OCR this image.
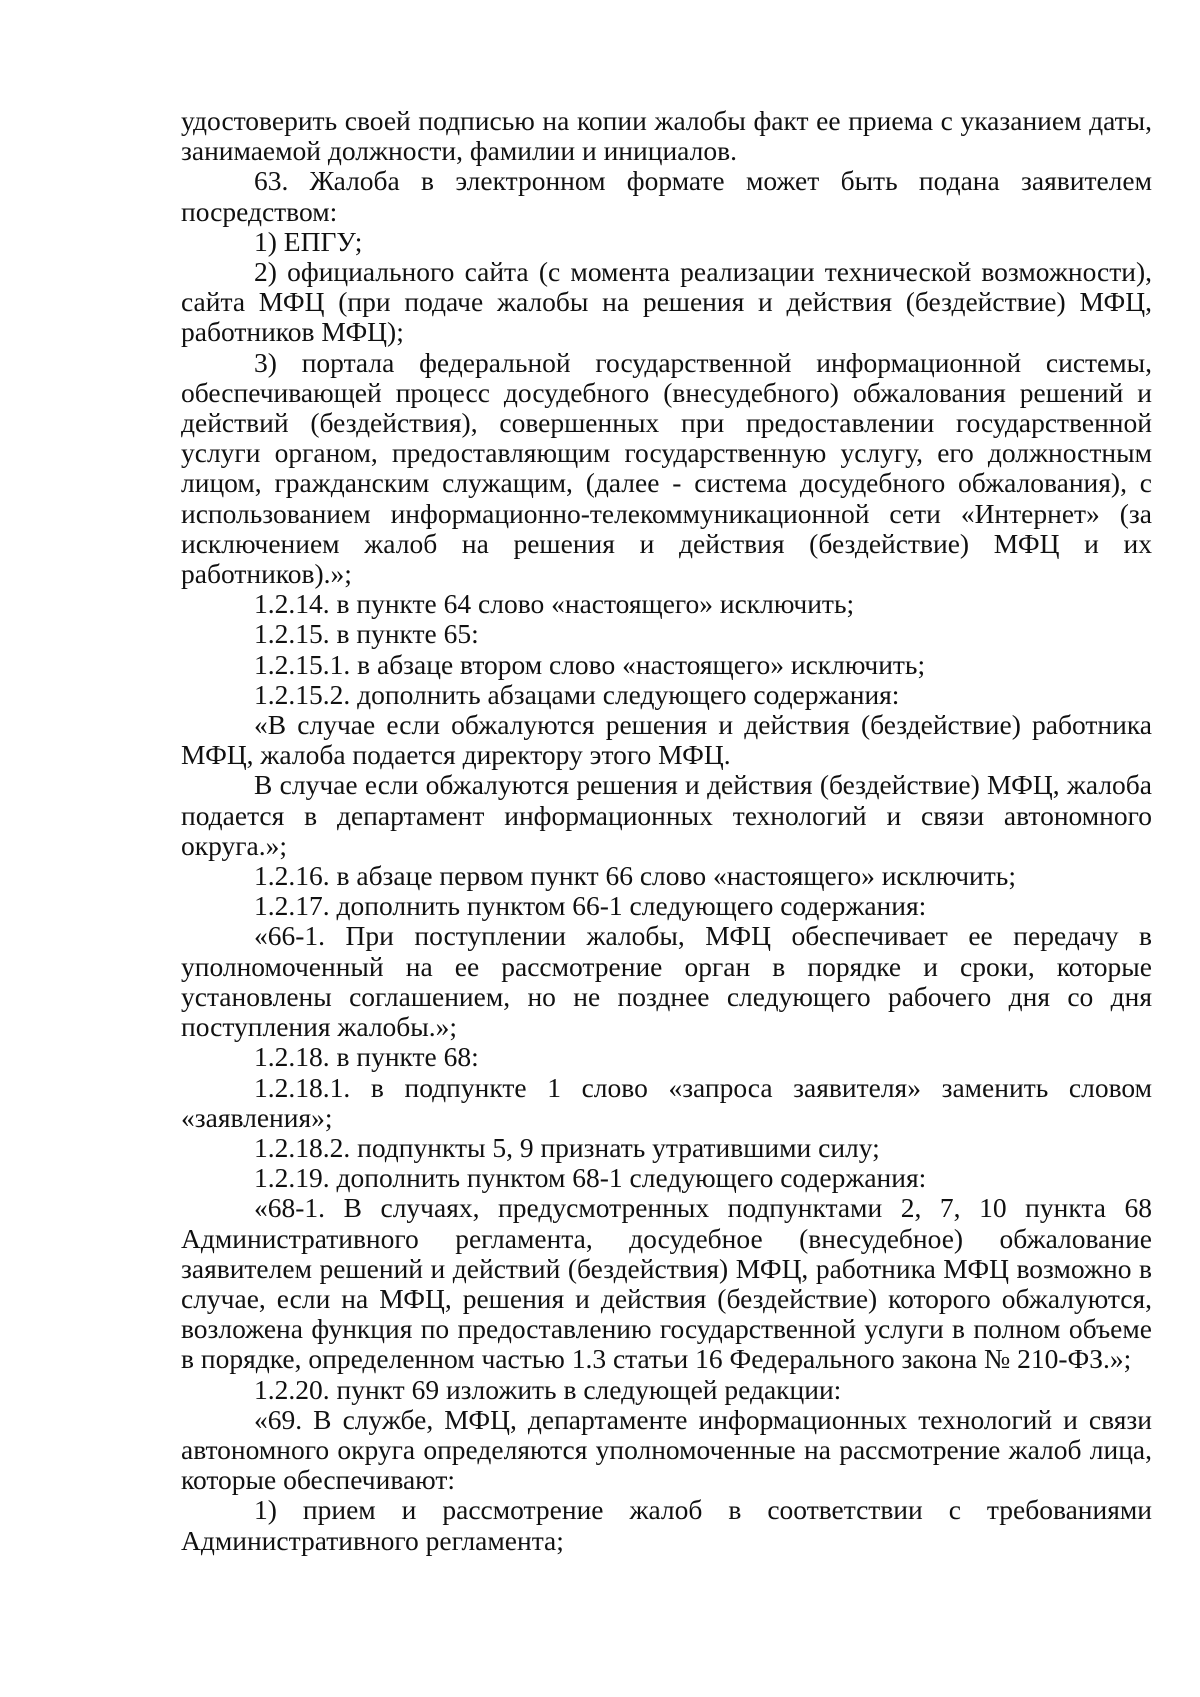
удостоверить своей подписью на копии жалобы факт ее приема с указанием даты, занимаемой должности, фамилии и инициалов.

63. Жалоба в электронном формате может быть подана заявителем посредством:

1) ЕПГУ;

2) официального сайта (с момента реализации технической возможности), сайта МФЦ (при подаче жалобы на решения и действия (бездействие) МФЦ, работников МФЦ);

3) портала федеральной государственной информационной системы, обеспечивающей процесс досудебного (внесудебного) обжалования решений и действий (бездействия), совершенных при предоставлении государственной услуги органом, предоставляющим государственную услугу, его должностным лицом, гражданским служащим, (далее - система досудебного обжалования), с использованием информационно-телекоммуникационной сети «Интернет» (за исключением жалоб на решения и действия (бездействие) МФЦ и их работников).»;

1.2.14. в пункте 64 слово «настоящего» исключить;

1.2.15. в пункте 65:

1.2.15.1. в абзаце втором слово «настоящего» исключить;

1.2.15.2. дополнить абзацами следующего содержания:

«В случае если обжалуются решения и действия (бездействие) работника МФЦ, жалоба подается директору этого МФЦ.

В случае если обжалуются решения и действия (бездействие) МФЦ, жалоба подается в департамент информационных технологий и связи автономного округа.»;

1.2.16. в абзаце первом пункт 66 слово «настоящего» исключить;

1.2.17. дополнить пунктом 66-1 следующего содержания:

«66-1. При поступлении жалобы, МФЦ обеспечивает ее передачу в уполномоченный на ее рассмотрение орган в порядке и сроки, которые установлены соглашением, но не позднее следующего рабочего дня со дня поступления жалобы.»;

1.2.18. в пункте 68:

1.2.18.1. в подпункте 1 слово «запроса заявителя» заменить словом «заявления»;

1.2.18.2. подпункты 5, 9 признать утратившими силу;

1.2.19. дополнить пунктом 68-1 следующего содержания:

«68-1. В случаях, предусмотренных подпунктами 2, 7, 10 пункта 68 Административного регламента, досудебное (внесудебное) обжалование заявителем решений и действий (бездействия) МФЦ, работника МФЦ возможно в случае, если на МФЦ, решения и действия (бездействие) которого обжалуются, возложена функция по предоставлению государственной услуги в полном объеме в порядке, определенном частью 1.3 статьи 16 Федерального закона № 210-ФЗ.»;

1.2.20. пункт 69 изложить в следующей редакции:

«69. В службе, МФЦ, департаменте информационных технологий и связи автономного округа определяются уполномоченные на рассмотрение жалоб лица, которые обеспечивают:

1) прием и рассмотрение жалоб в соответствии с требованиями Административного регламента;
